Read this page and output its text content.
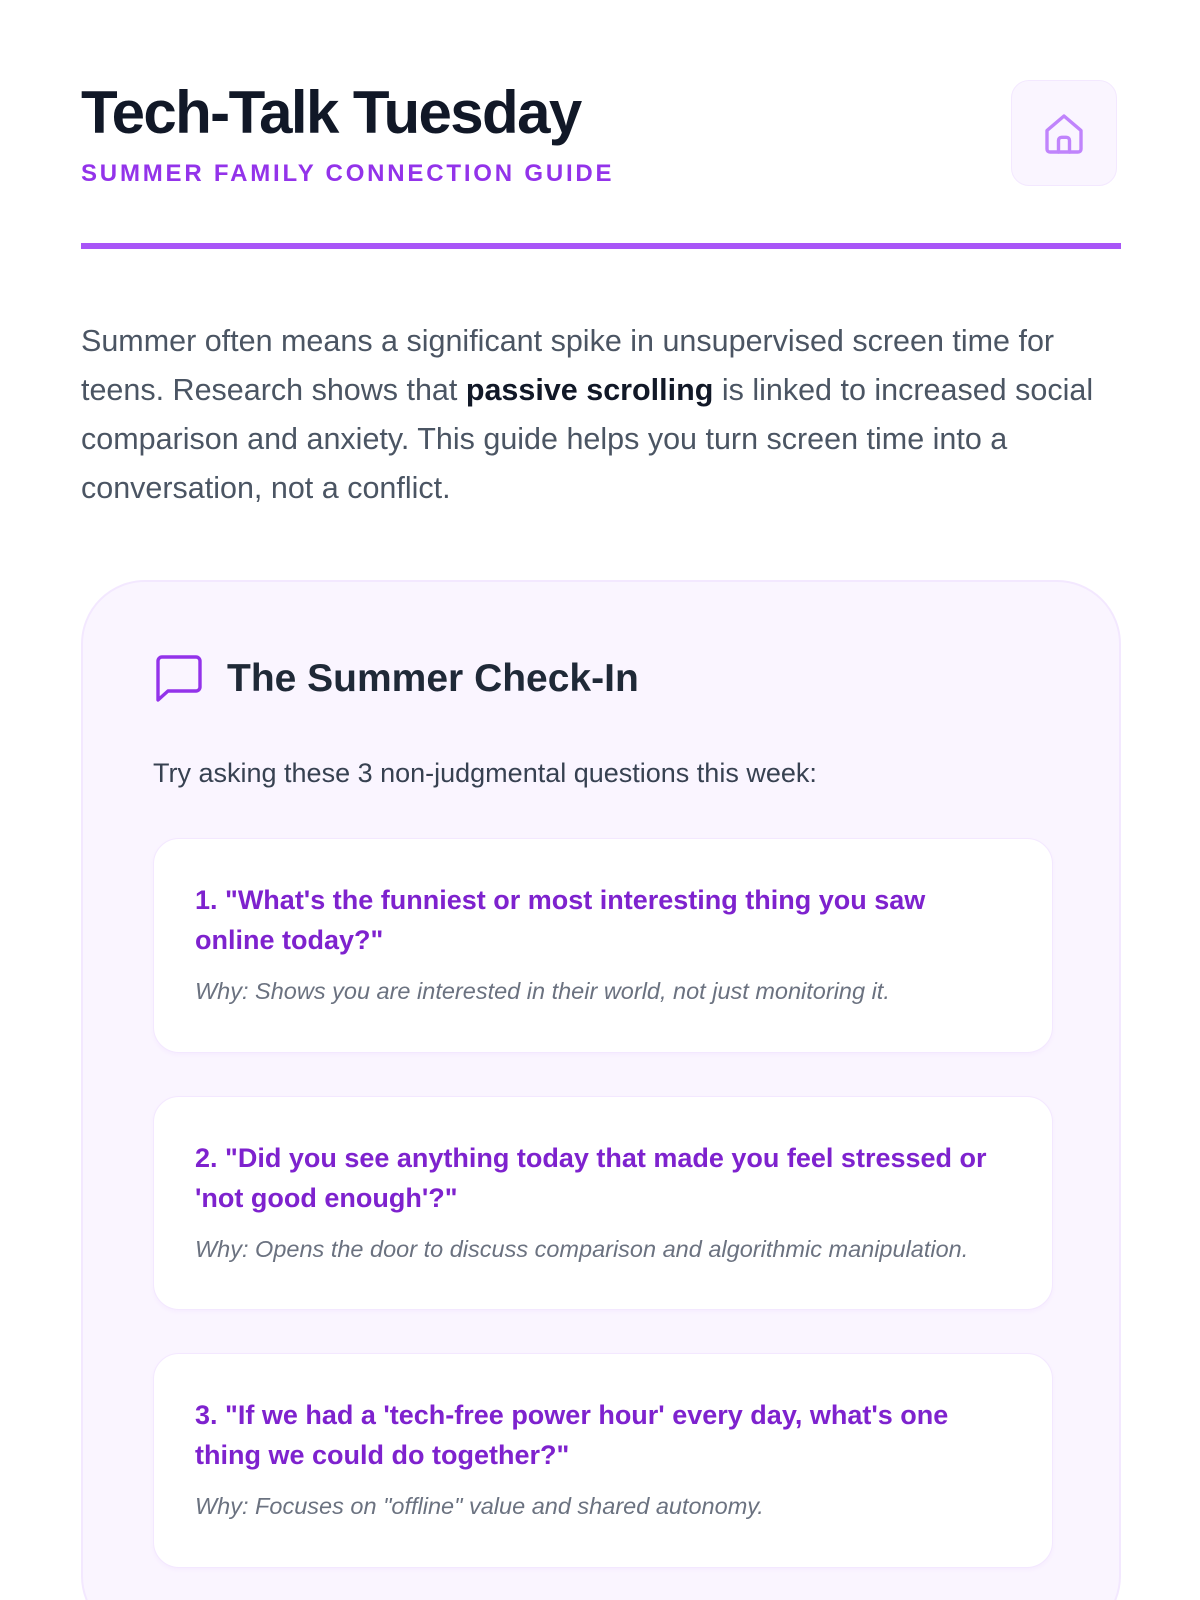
Tech-Talk Tuesday
SUMMER FAMILY CONNECTION GUIDE

Summer often means a significant spike in unsupervised screen time for teens. Research shows that passive scrolling is linked to increased social comparison and anxiety. This guide helps you turn screen time into a conversation, not a conflict.

The Summer Check-In

Try asking these 3 non-judgmental questions this week:

1. "What's the funniest or most interesting thing you saw online today?"

Why: Shows you are interested in their world, not just monitoring it.

2. "Did you see anything today that made you feel stressed or 'not good enough'?"

Why: Opens the door to discuss comparison and algorithmic manipulation.

3. "If we had a 'tech-free power hour' every day, what's one thing we could do together?"

Why: Focuses on "offline" value and shared autonomy.
